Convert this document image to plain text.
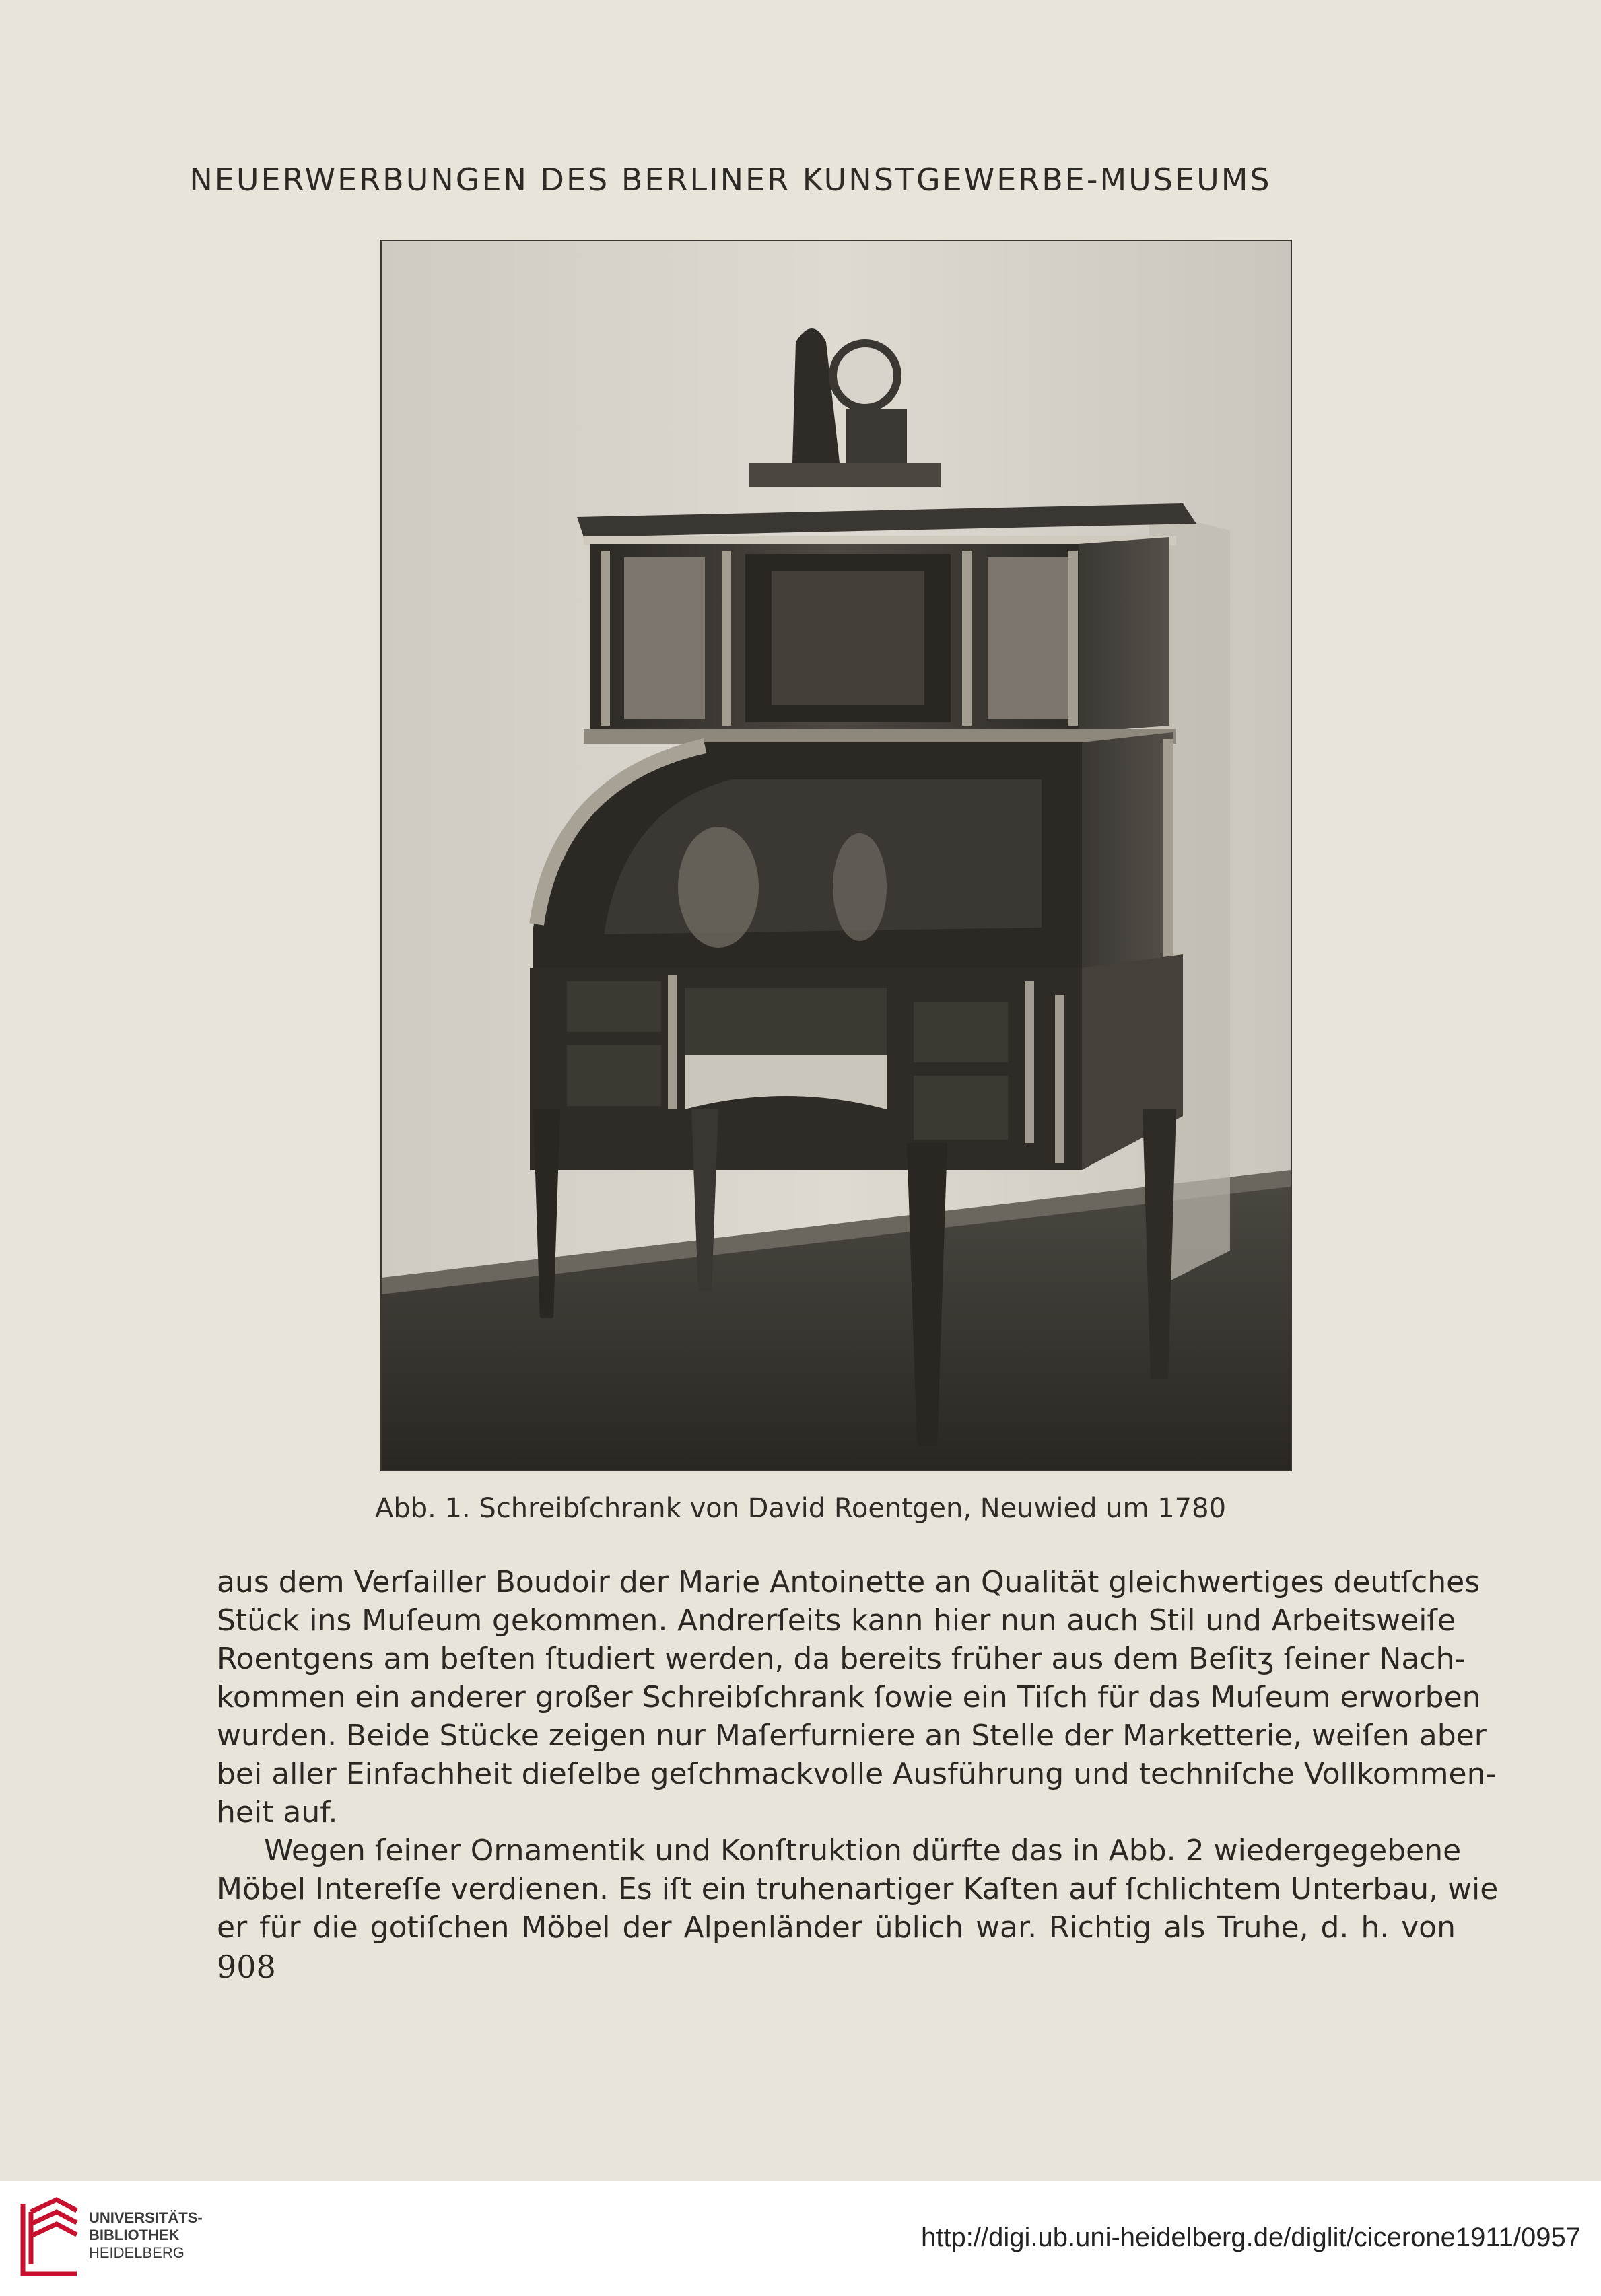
NEUERWERBUNGEN DES BERLINER KUNSTGEWERBE-MUSEUMS
Abb. 1. Schreibſchrank von David Roentgen, Neuwied um 1780
aus dem Verſailler Boudoir der Marie Antoinette an Qualität gleichwertiges deutſches
Stück ins Muſeum gekommen. Andrerſeits kann hier nun auch Stil und Arbeitsweiſe
Roentgens am beſten ſtudiert werden, da bereits früher aus dem Beſitʒ ſeiner Nach-
kommen ein anderer großer Schreibſchrank ſowie ein Tiſch für das Muſeum erworben
wurden. Beide Stücke zeigen nur Maſerfurniere an Stelle der Marketterie, weiſen aber
bei aller Einfachheit dieſelbe geſchmackvolle Ausführung und techniſche Vollkommen-
heit auf.
Wegen ſeiner Ornamentik und Konſtruktion dürfte das in Abb. 2 wiedergegebene
Möbel Intereſſe verdienen. Es iſt ein truhenartiger Kaſten auf ſchlichtem Unterbau, wie
er für die gotiſchen Möbel der Alpenländer üblich war. Richtig als Truhe, d. h. von
908
UNIVERSITÄTS-
BIBLIOTHEK
HEIDELBERG
http://digi.ub.uni-heidelberg.de/diglit/cicerone1911/0957
